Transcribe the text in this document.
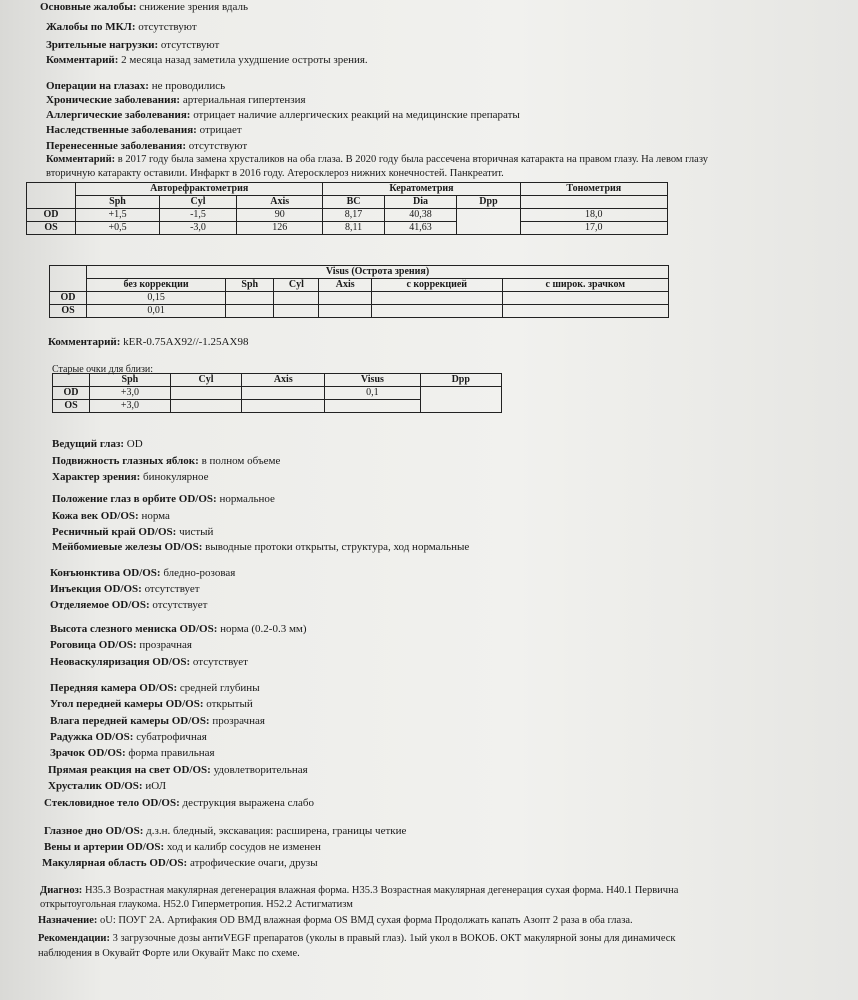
Основные жалобы: снижение зрения вдаль
Жалобы по МКЛ: отсутствуют
Зрительные нагрузки: отсутствуют
Комментарий: 2 месяца назад заметила ухудшение остроты зрения.
Операции на глазах: не проводились
Хронические заболевания: артериальная гипертензия
Аллергические заболевания: отрицает наличие аллергических реакций на медицинские препараты
Наследственные заболевания: отрицает
Перенесенные заболевания: отсутствуют
Комментарий: в 2017 году была замена хрусталиков на оба глаза. В 2020 году была рассечена вторичная катаракта на правом глазу. На левом глазу
вторичную катаракту оставили. Инфаркт в 2016 году. Атеросклероз нижних конечностей. Панкреатит.
	Авторефрактометрия			Кератометрия			Тонометрия
	Sph	Cyl	Axis	BC	Dia	Dpp	
OD	+1,5	-1,5	90	8,17	40,38		18,0
OS	+0,5	-3,0	126	8,11	41,63		17,0
	Visus (Острота зрения)					
	без коррекции	Sph	Cyl	Axis	с коррекцией	с широк. зрачком
OD	0,15					
OS	0,01					
Комментарий: kER-0.75AX92//-1.25AX98
Старые очки для близи:
	Sph	Cyl	Axis	Visus	Dpp
OD	+3,0			0,1	
OS	+3,0				
Ведущий глаз: OD
Подвижность глазных яблок: в полном объеме
Характер зрения: бинокулярное
Положение глаз в орбите OD/OS: нормальное
Кожа век OD/OS: норма
Ресничный край OD/OS: чистый
Мейбомиевые железы OD/OS: выводные протоки открыты, структура, ход нормальные
Конъюнктива OD/OS: бледно-розовая
Инъекция OD/OS: отсутствует
Отделяемое OD/OS: отсутствует
Высота слезного мениска OD/OS: норма (0.2-0.3 мм)
Роговица OD/OS: прозрачная
Неоваскуляризация OD/OS: отсутствует
Передняя камера OD/OS: средней глубины
Угол передней камеры OD/OS: открытый
Влага передней камеры OD/OS: прозрачная
Радужка OD/OS: субатрофичная
Зрачок OD/OS: форма правильная
Прямая реакция на свет OD/OS: удовлетворительная
Хрусталик OD/OS: иОЛ
Стекловидное тело OD/OS: деструкция выражена слабо
Глазное дно OD/OS: д.з.н. бледный, экскавация: расширена, границы четкие
Вены и артерии OD/OS: ход и калибр сосудов не изменен
Макулярная область OD/OS: атрофические очаги, друзы
Диагноз: H35.3 Возрастная макулярная дегенерация влажная форма. H35.3 Возрастная макулярная дегенерация сухая форма. H40.1 Первична
открытоугольная глаукома. H52.0 Гиперметропия. H52.2 Астигматизм
Назначение: оU: ПОУГ 2А. Артифакия OD ВМД влажная форма OS ВМД сухая форма Продолжать капать Азопт 2 раза в оба глаза.
Рекомендации: 3 загрузочные дозы антиVEGF препаратов (уколы в правый глаз). 1ый укол в ВОКОБ. ОКТ макулярной зоны для динамическ
наблюдения в Окувайт Форте или Окувайт Макс по схеме.
